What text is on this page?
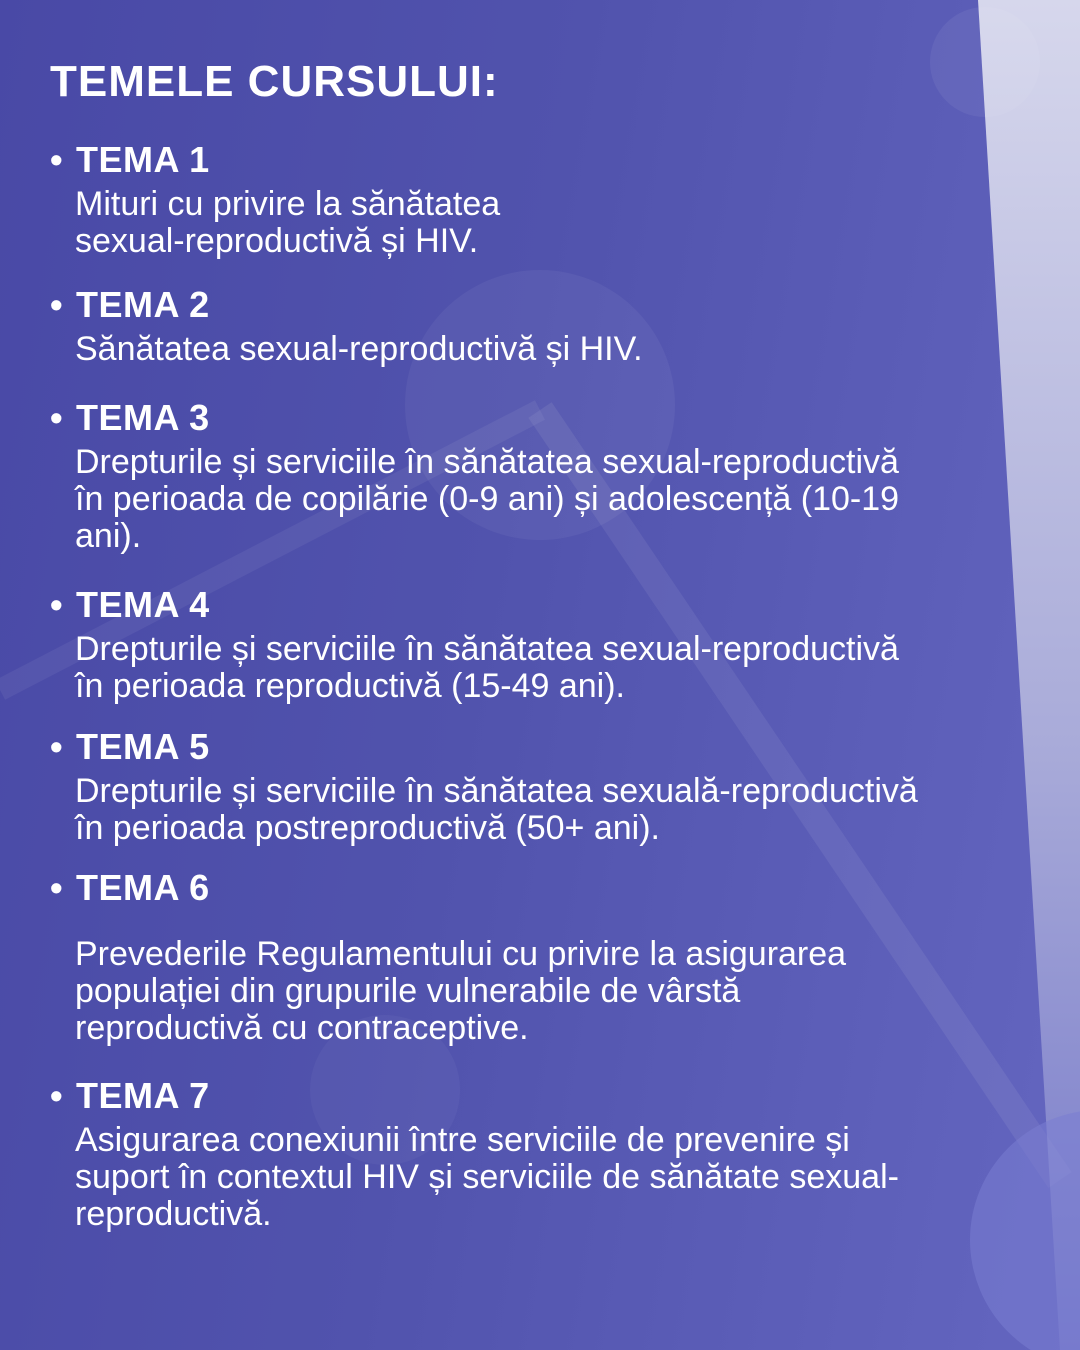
TEMELE CURSULUI:
• TEMA 1
Mituri cu privire la sănătatea
sexual-reproductivă și HIV.
• TEMA 2
Sănătatea sexual-reproductivă și HIV.
• TEMA 3
Drepturile și serviciile în sănătatea sexual-reproductivă
în perioada de copilărie (0-9 ani) și adolescență (10-19
ani).
• TEMA 4
Drepturile și serviciile în sănătatea sexual-reproductivă
în perioada reproductivă (15-49 ani).
• TEMA 5
Drepturile și serviciile în sănătatea sexuală-reproductivă
în perioada postreproductivă (50+ ani).
• TEMA 6
Prevederile Regulamentului cu privire la asigurarea
populației din grupurile vulnerabile de vârstă
reproductivă cu contraceptive.
• TEMA 7
Asigurarea conexiunii între serviciile de prevenire și
suport în contextul HIV și serviciile de sănătate sexual-
reproductivă.
